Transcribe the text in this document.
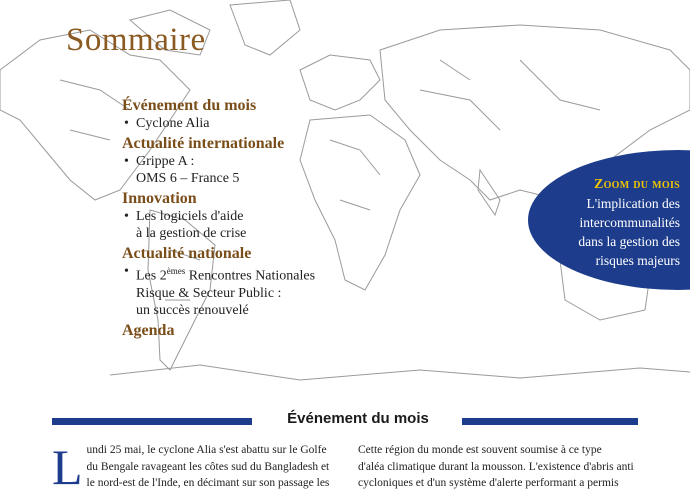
Sommaire
Événement du mois
• Cyclone Alia
Actualité internationale
• Grippe A :
OMS 6 – France 5
Innovation
• Les logiciels d'aide
à la gestion de crise
Actualité nationale
• Les 2èmes Rencontres Nationales
Risque & Secteur Public :
un succès renouvelé
Agenda
Zoom du mois
L'implication des
intercommunalités
dans la gestion des
risques majeurs
Événement du mois
L undi 25 mai, le cyclone Alia s'est abattu sur le Golfe
du Bengale ravageant les côtes sud du Bangladesh et
le nord-est de l'Inde, en décimant sur son passage les
Cette région du monde est souvent soumise à ce type
d'aléa climatique durant la mousson. L'existence d'abris anti
cycloniques et d'un système d'alerte performant a permis
